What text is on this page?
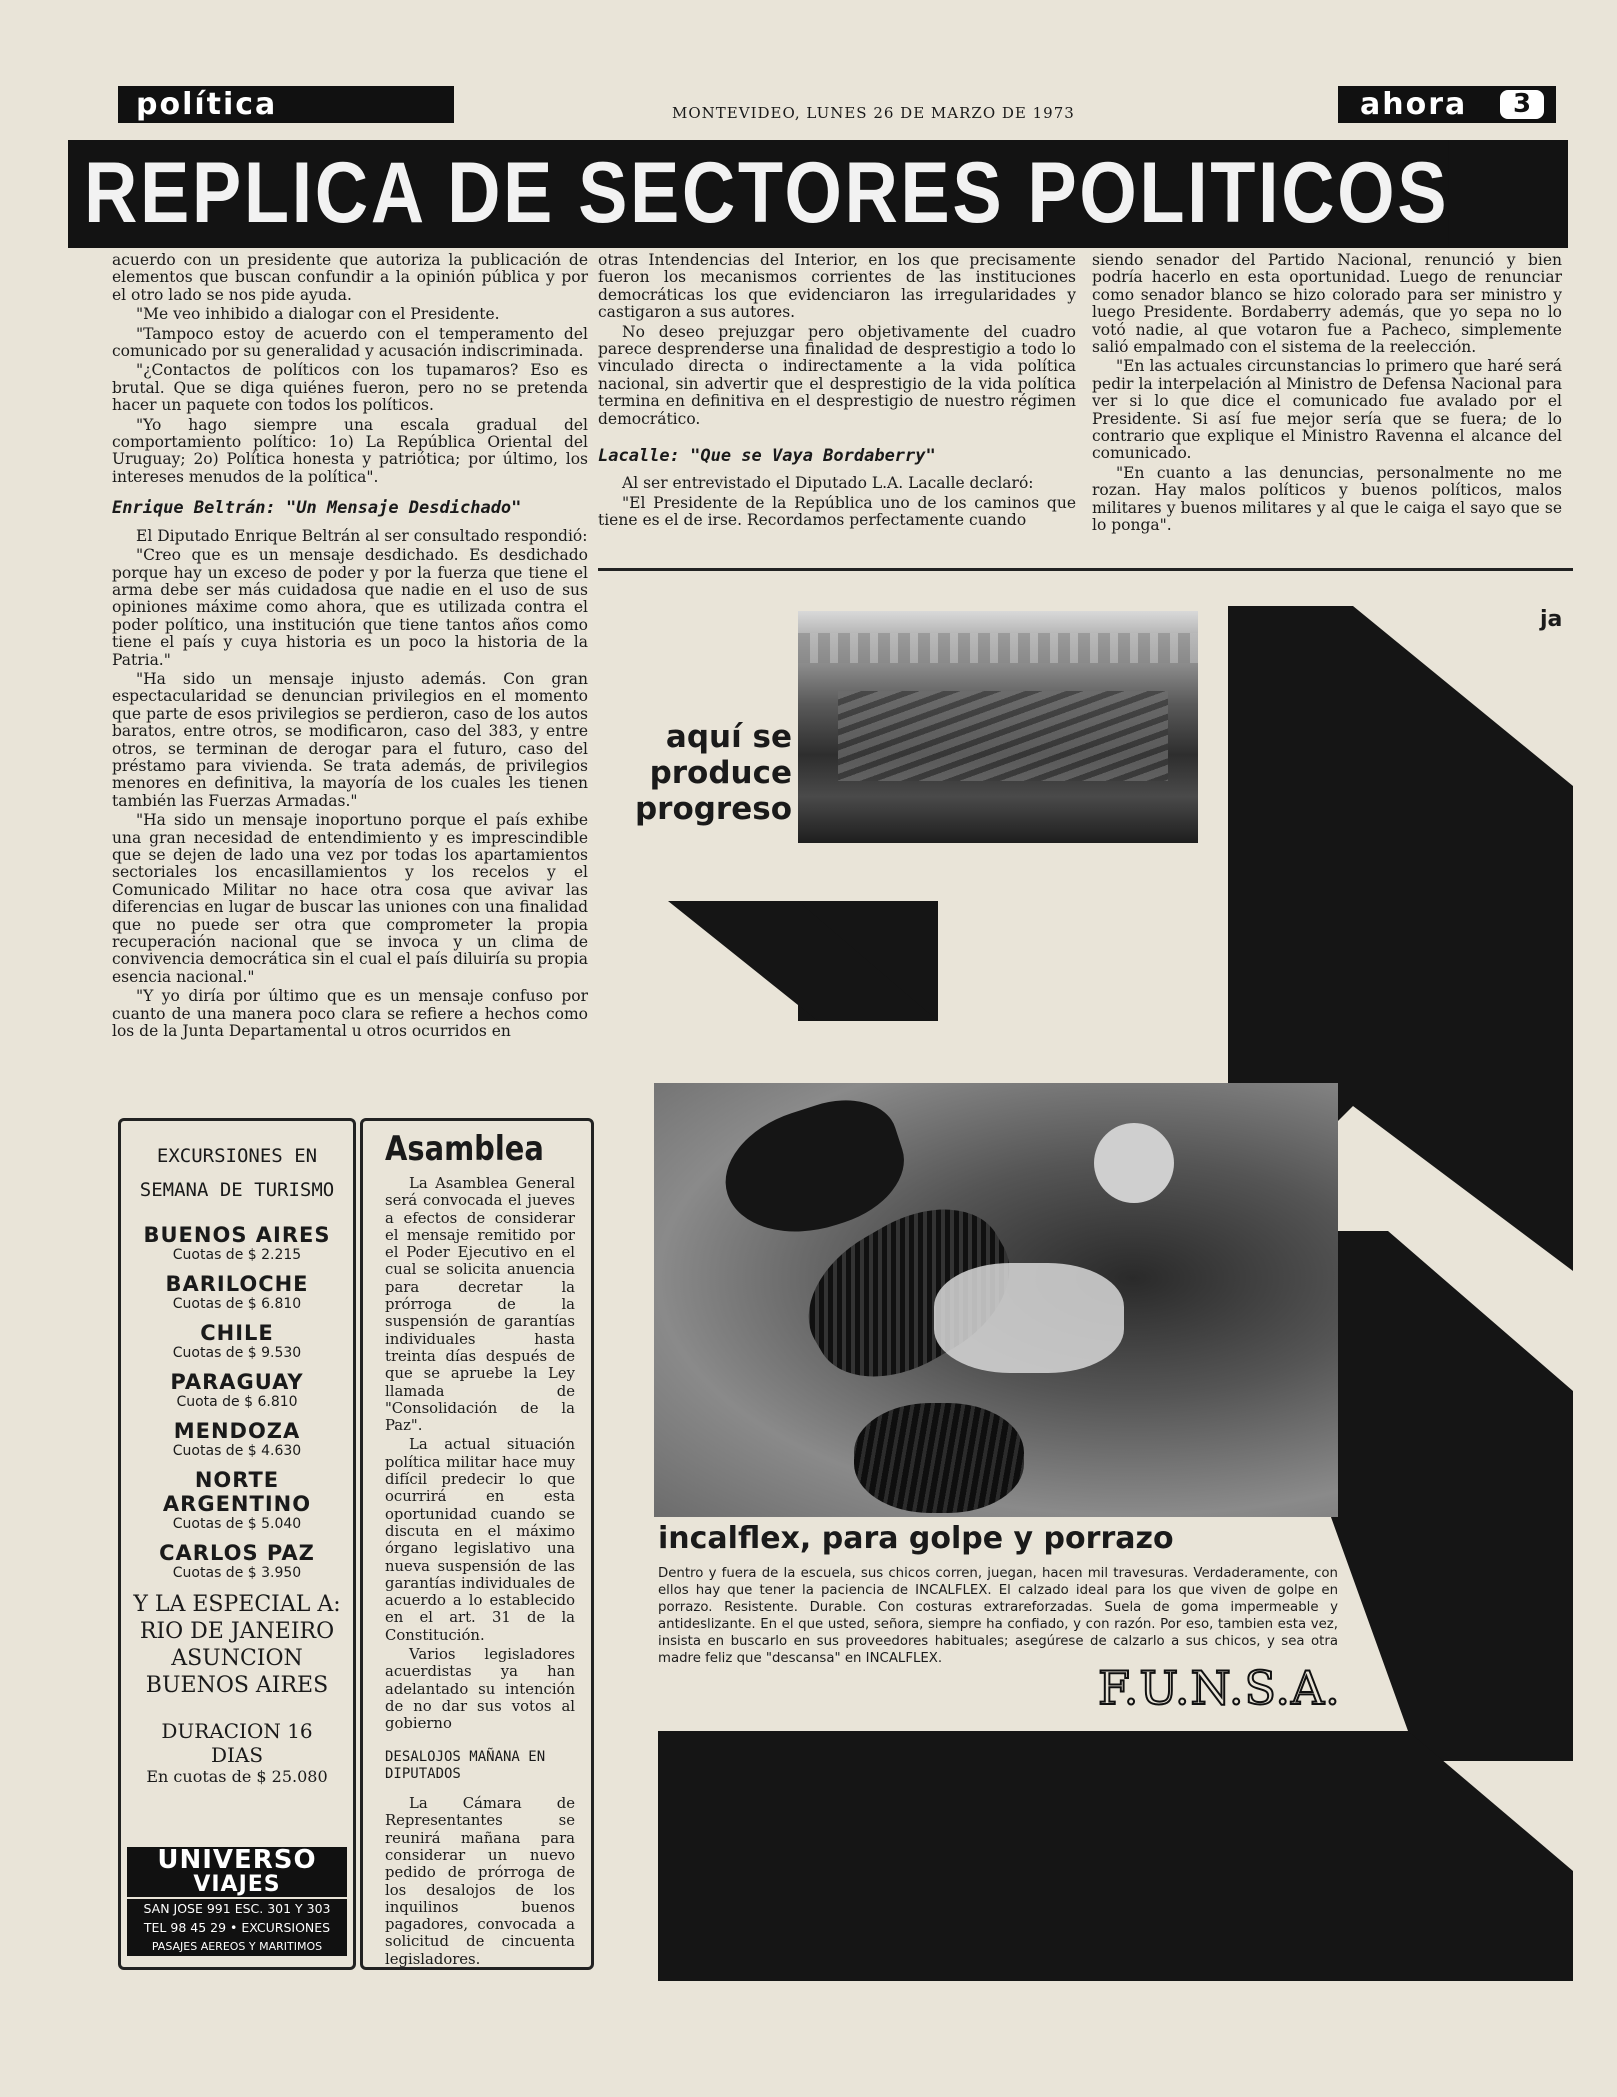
política	MONTEVIDEO, LUNES 26 DE MARZO DE 1973	ahora	3
REPLICA DE SECTORES POLITICOS

acuerdo con un presidente que autoriza la publicación de elementos que buscan confundir a la opinión pública y por el otro lado se nos pide ayuda.

"Me veo inhibido a dialogar con el Presidente.

"Tampoco estoy de acuerdo con el temperamento del comunicado por su generalidad y acusación indiscriminada.

"¿Contactos de políticos con los tupamaros? Eso es brutal. Que se diga quiénes fueron, pero no se pretenda hacer un paquete con todos los políticos.

"Yo hago siempre una escala gradual del comportamiento político: 1o) La República Oriental del Uruguay; 2o) Política honesta y patriótica; por último, los intereses menudos de la política".

Enrique Beltrán: "Un Mensaje Desdichado"

El Diputado Enrique Beltrán al ser consultado respondió:

"Creo que es un mensaje desdichado. Es desdichado porque hay un exceso de poder y por la fuerza que tiene el arma debe ser más cuidadosa que nadie en el uso de sus opiniones máxime como ahora, que es utilizada contra el poder político, una institución que tiene tantos años como tiene el país y cuya historia es un poco la historia de la Patria."

"Ha sido un mensaje injusto además. Con gran espectacularidad se denuncian privilegios en el momento que parte de esos privilegios se perdieron, caso de los autos baratos, entre otros, se modificaron, caso del 383, y entre otros, se terminan de derogar para el futuro, caso del préstamo para vivienda. Se trata además, de privilegios menores en definitiva, la mayoría de los cuales les tienen también las Fuerzas Armadas."

"Ha sido un mensaje inoportuno porque el país exhibe una gran necesidad de entendimiento y es imprescindible que se dejen de lado una vez por todas los apartamientos sectoriales los encasillamientos y los recelos y el Comunicado Militar no hace otra cosa que avivar las diferencias en lugar de buscar las uniones con una finalidad que no puede ser otra que comprometer la propia recuperación nacional que se invoca y un clima de convivencia democrática sin el cual el país diluiría su propia esencia nacional."

"Y yo diría por último que es un mensaje confuso por cuanto de una manera poco clara se refiere a hechos como los de la Junta Departamental u otros ocurridos en

otras Intendencias del Interior, en los que precisamente fueron los mecanismos corrientes de las instituciones democráticas los que evidenciaron las irregularidades y castigaron a sus autores.

No deseo prejuzgar pero objetivamente del cuadro parece desprenderse una finalidad de desprestigio a todo lo vinculado directa o indirectamente a la vida política nacional, sin advertir que el desprestigio de la vida política termina en definitiva en el desprestigio de nuestro régimen democrático.

Lacalle: "Que se Vaya Bordaberry"

Al ser entrevistado el Diputado L.A. Lacalle declaró:

"El Presidente de la República uno de los caminos que tiene es el de irse. Recordamos perfectamente cuando

siendo senador del Partido Nacional, renunció y bien podría hacerlo en esta oportunidad. Luego de renunciar como senador blanco se hizo colorado para ser ministro y luego Presidente. Bordaberry además, que yo sepa no lo votó nadie, al que votaron fue a Pacheco, simplemente salió empalmado con el sistema de la reelección.

"En las actuales circunstancias lo primero que haré será pedir la interpelación al Ministro de Defensa Nacional para ver si lo que dice el comunicado fue avalado por el Presidente. Si así fue mejor sería que se fuera; de lo contrario que explique el Ministro Ravenna el alcance del comunicado.

"En cuanto a las denuncias, personalmente no me rozan. Hay malos políticos y buenos políticos, malos militares y buenos militares y al que le caiga el sayo que se lo ponga".

EXCURSIONES EN SEMANA DE TURISMO
BUENOS AIRES
Cuotas de $ 2.215
BARILOCHE
Cuotas de $ 6.810
CHILE
Cuotas de $ 9.530
PARAGUAY
Cuota de $ 6.810
MENDOZA
Cuotas de $ 4.630
NORTE ARGENTINO
Cuotas de $ 5.040
CARLOS PAZ
Cuotas de $ 3.950
Y LA ESPECIAL A: RIO DE JANEIRO ASUNCION BUENOS AIRES
DURACION 16 DIAS
En cuotas de $ 25.080
UNIVERSO
VIAJES
SAN JOSE 991 ESC. 301 Y 303
TEL 98 45 29 • EXCURSIONES
PASAJES AEREOS Y MARITIMOS
Asamblea

La Asamblea General será convocada el jueves a efectos de considerar el mensaje remitido por el Poder Ejecutivo en el cual se solicita anuencia para decretar la prórroga de la suspensión de garantías individuales hasta treinta días después de que se apruebe la Ley llamada de "Consolidación de la Paz".

La actual situación política militar hace muy difícil predecir lo que ocurrirá en esta oportunidad cuando se discuta en el máximo órgano legislativo una nueva suspensión de las garantías individuales de acuerdo a lo establecido en el art. 31 de la Constitución.

Varios legisladores acuerdistas ya han adelantado su intención de no dar sus votos al gobierno

DESALOJOS MAÑANA EN DIPUTADOS

La Cámara de Representantes se reunirá mañana para considerar un nuevo pedido de prórroga de los desalojos de los inquilinos buenos pagadores, convocada a solicitud de cincuenta legisladores.

ja
aquí se produce progreso
incalflex, para golpe y porrazo
Dentro y fuera de la escuela, sus chicos corren, juegan, hacen mil travesuras. Verdaderamente, con ellos hay que tener la paciencia de INCALFLEX. El calzado ideal para los que viven de golpe en porrazo. Resistente. Durable. Con costuras extrareforzadas. Suela de goma impermeable y antideslizante. En el que usted, señora, siempre ha confiado, y con razón. Por eso, tambien esta vez, insista en buscarlo en sus proveedores habituales; asegúrese de calzarlo a sus chicos, y sea otra madre feliz que "descansa" en INCALFLEX.
F.U.N.S.A.
